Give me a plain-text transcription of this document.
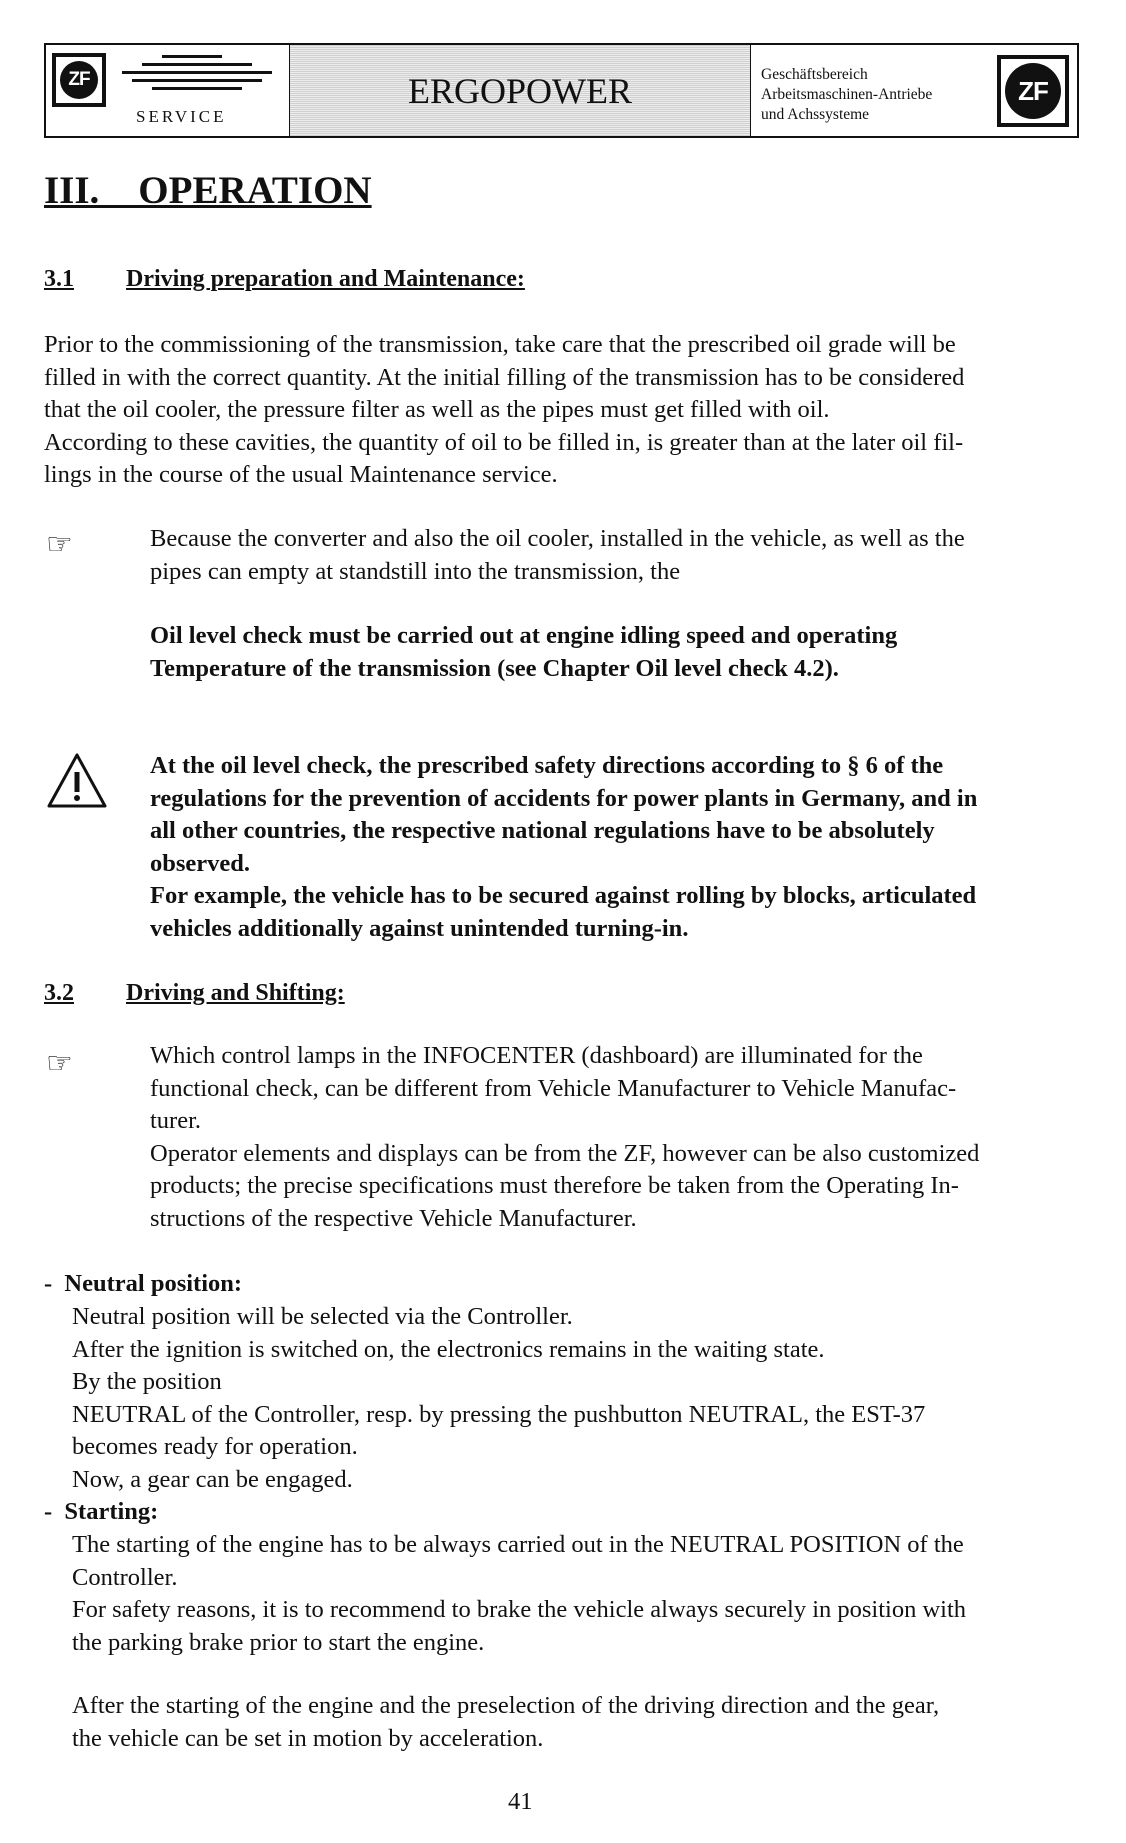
ZF
SERVICE
ERGOPOWER	Geschäftsbereich
Arbeitsmaschinen-Antriebe
und Achssysteme
ZF
III.    OPERATION
3.1 Driving preparation and Maintenance:

Prior to the commissioning of the transmission, take care that the prescribed oil grade will be

filled in with the correct quantity. At the initial filling of the transmission has to be considered

that the oil cooler, the pressure filter as well as the pipes must get filled with oil.

According to these cavities, the quantity of oil to be filled in, is greater than at the later oil fil-

lings in the course of the usual Maintenance service.

☞	Because the converter and also the oil cooler, installed in the vehicle, as well as the

pipes can empty at standstill into the transmission, the

Oil level check must be carried out at engine idling speed and operating

Temperature of the transmission (see Chapter Oil level check 4.2).

At the oil level check, the prescribed safety directions according to § 6 of the

regulations for the prevention of accidents for power plants in Germany, and in

all other countries, the respective national regulations have to be absolutely

observed.

For example, the vehicle has to be secured against rolling by blocks, articulated

vehicles additionally against unintended turning-in.

3.2 Driving and Shifting:
☞	Which control lamps in the INFOCENTER (dashboard) are illuminated for the

functional check, can be different from Vehicle Manufacturer to Vehicle Manufac-

turer.

Operator elements and displays can be from the ZF, however can be also customized

products; the precise specifications must therefore be taken from the Operating In-

structions of the respective Vehicle Manufacturer.

-  Neutral position:

Neutral position will be selected via the Controller.

After the ignition is switched on, the electronics remains in the waiting state.

By the position

NEUTRAL of the Controller, resp. by pressing the pushbutton NEUTRAL, the EST-37

becomes ready for operation.

Now, a gear can be engaged.

-  Starting:

The starting of the engine has to be always carried out in the NEUTRAL POSITION of the

Controller.

For safety reasons, it is to recommend to brake the vehicle always securely in position with

the parking brake prior to start the engine.

After the starting of the engine and the preselection of the driving direction and the gear,

the vehicle can be set in motion by acceleration.

41
